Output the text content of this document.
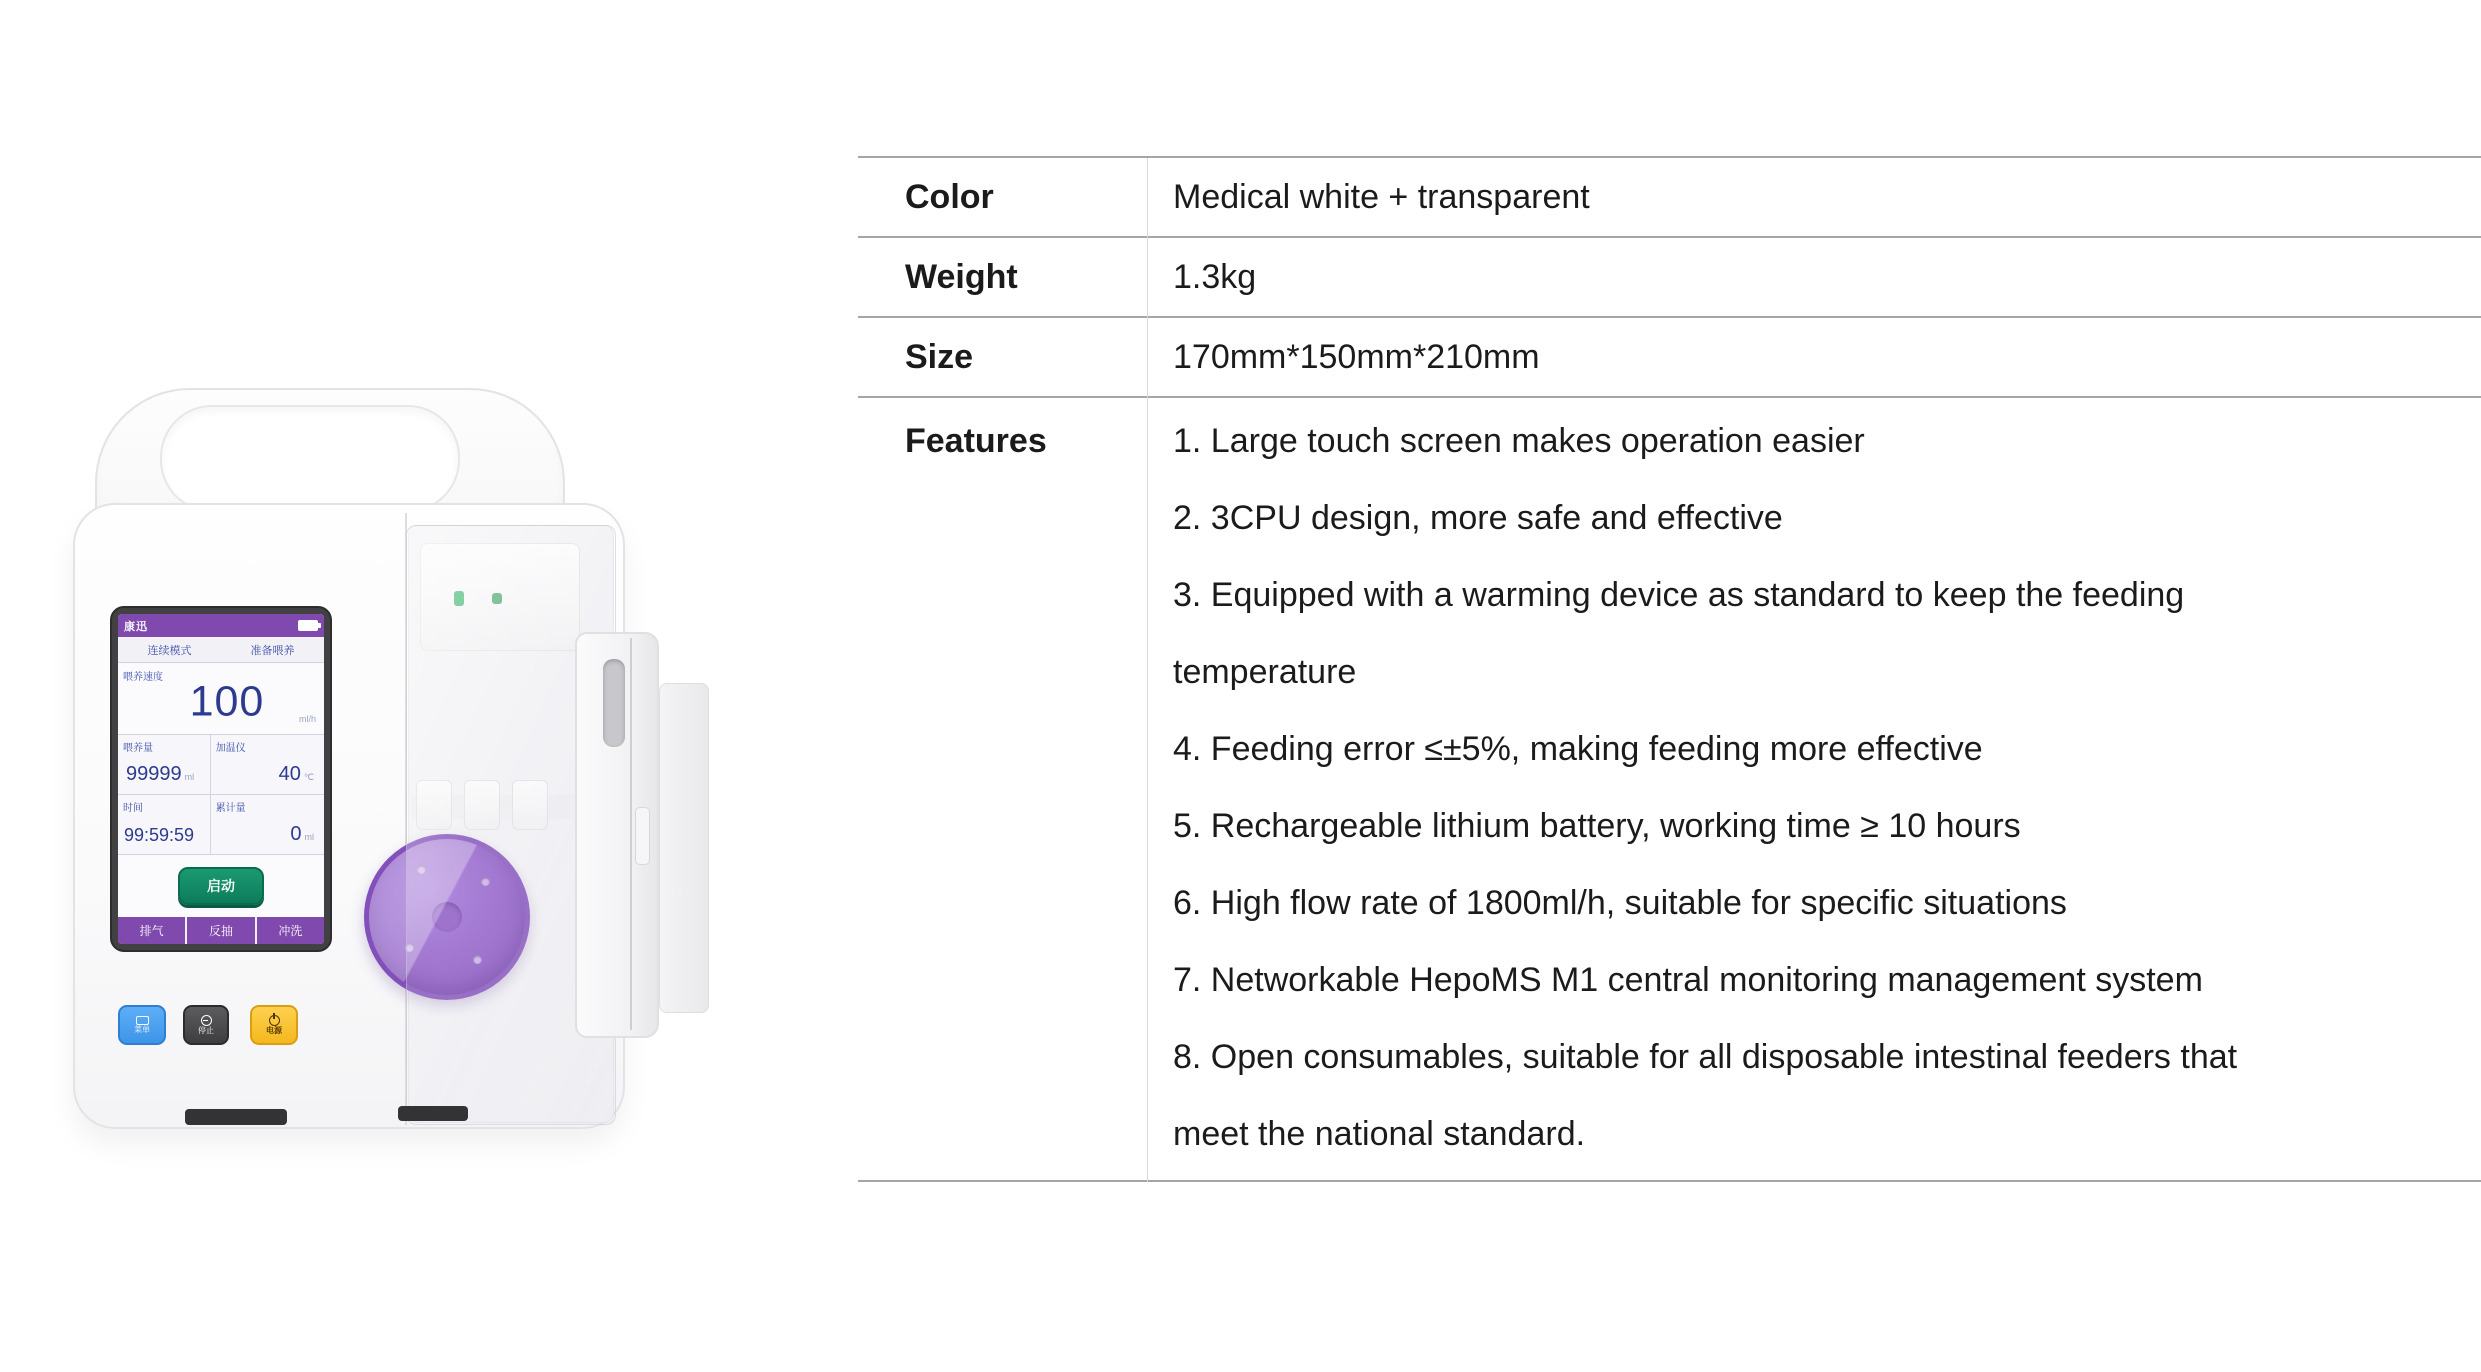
康迅
连续模式	准备喂养
喂养速度 100	ml/h
喂养量
99999 ml
加温仪
40 ℃
时间
99:59:59
累计量
0 ml
启动
排气	反抽	冲洗
菜单	停止	电源
Color	Medical white + transparent
Weight	1.3kg
Size	170mm*150mm*210mm
Features	1. Large touch screen makes operation easier
2. 3CPU design, more safe and effective
3. Equipped with a warming device as standard to keep the feeding
temperature
4. Feeding error ≤±5%, making feeding more effective
5. Rechargeable lithium battery, working time ≥ 10 hours
6. High flow rate of 1800ml/h, suitable for specific situations
7. Networkable HepoMS M1 central monitoring management system
8. Open consumables, suitable for all disposable intestinal feeders that
meet the national standard.
